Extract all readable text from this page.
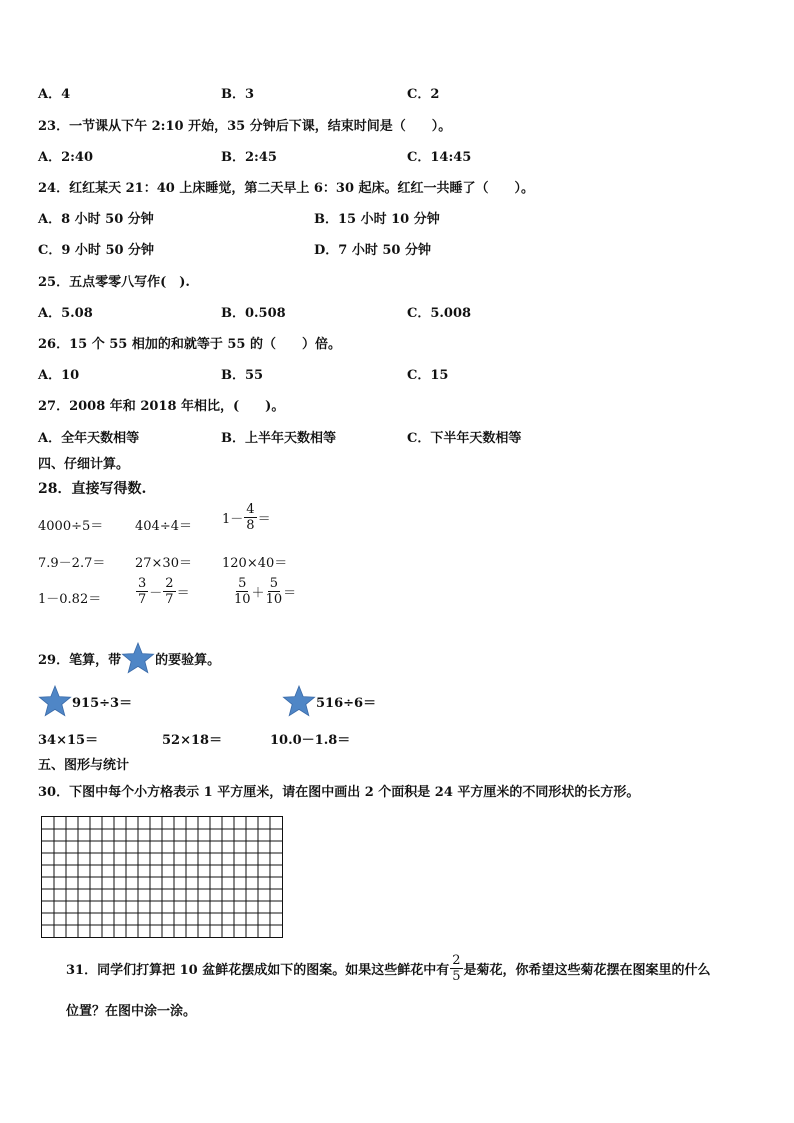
A．4	B．3	C．2
23．一节课从下午 2:10 开始，35 分钟后下课，结束时间是（　　）。
A．2:40	B．2:45	C．14:45
24．红红某天 21：40 上床睡觉，第二天早上 6：30 起床。红红一共睡了（　　）。
A．8 小时 50 分钟	B．15 小时 10 分钟
C．9 小时 50 分钟	D．7 小时 50 分钟
25．五点零零八写作(　).
A．5.08	B．0.508	C．5.008
26．15 个 55 相加的和就等于 55 的（　　）倍。
A．10	B．55	C．15
27．2008 年和 2018 年相比，(　　)。
A．全年天数相等	B．上半年天数相等	C．下半年天数相等
四、仔细计算。
28．直接写得数.
$4000\div 5= 404\div 4= 1- \frac{4}{8}$ ＝
7.9－2.7＝ 27×30＝ 120×40＝
1－0.82＝	$\frac{3}{7} - \frac{2}{7}$ ＝	$\frac{5}{10} + \frac{5}{10}$ ＝
29．笔算，带	的要验算。
915÷3＝	516÷6＝
34×15＝	52×18＝	10.0－1.8＝
五、图形与统计
30．下图中每个小方格表示 1 平方厘米，请在图中画出 2 个面积是 24 平方厘米的不同形状的长方形。
31．同学们打算把 10 盆鲜花摆成如下的图案。如果这些鲜花中有 $\frac{2}{5}$ 是菊花，你希望这些菊花摆在图案里的什么
位置？在图中涂一涂。
